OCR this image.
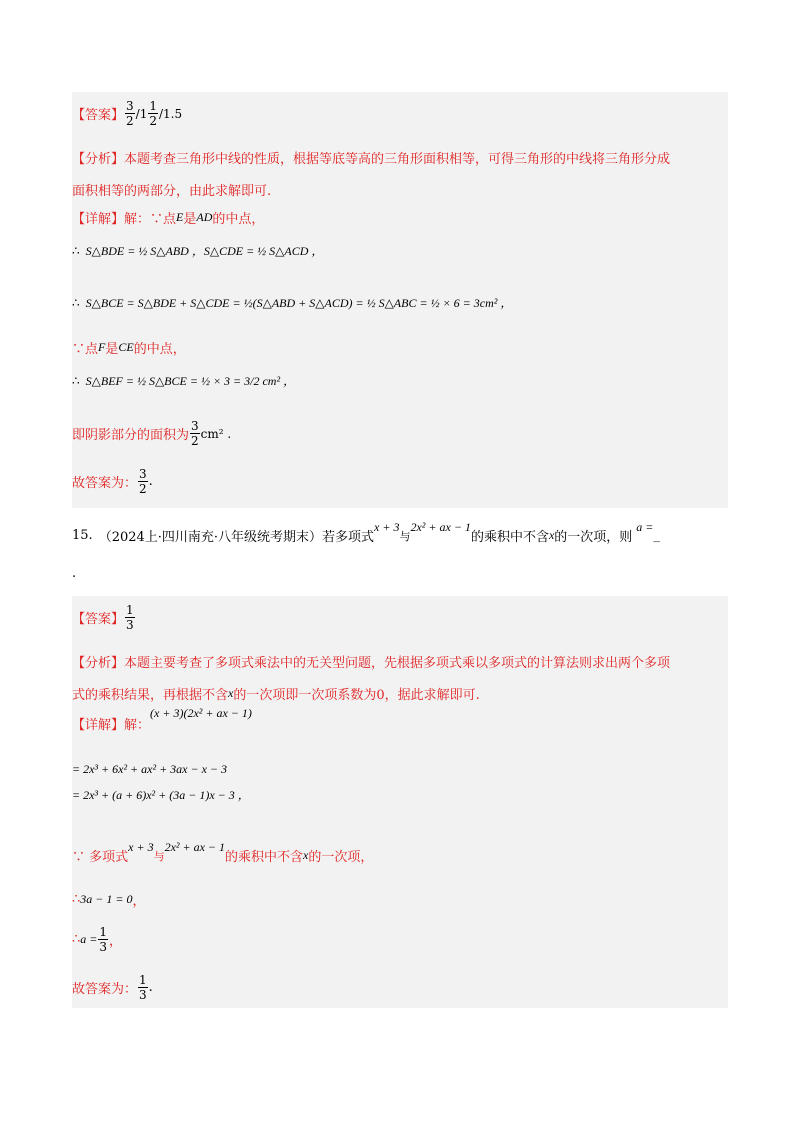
【答案】 $\frac{3}{2} /1 \frac{1}{2} /1.5$
【分析】 本题考查三角形中线的性质，根据等底等高的三角形面积相等，可得三角形的中线将三角形分成
面积相等的两部分，由此求解即可.
【详解】 解：∵点 E 是 AD 的中点，
∴ S△BDE = ½ S△ABD ，S△CDE = ½ S△ACD ，
∴ S△BCE = S△BDE + S△CDE = ½(S△ABD + S△ACD) = ½ S△ABC = ½ × 6 = 3cm² ，
∵点 F 是 CE 的中点，
∴ S△BEF = ½ S△BCE = ½ × 3 = 3/2 cm² ，
即阴影部分的面积为 $\frac{3}{2} cm^2$ .
故答案为： $\frac{3}{2}$ .
15. （2024上·四川南充·八年级统考期末）若多项式
x + 3
与
2x² + ax − 1
的乘积中不含 x 的一次项，则
a =
_
.
【答案】 $\frac{1}{3}$
【分析】 本题主要考查了多项式乘法中的无关型问题，先根据多项式乘以多项式的计算法则求出两个多项
式的乘积结果，再根据不含 x 的一次项即一次项系数为0，据此求解即可.
【详解】 解：
(x + 3)(2x² + ax − 1)
= 2x³ + 6x² + ax² + 3ax − x − 3
= 2x³ + (a + 6)x² + (3a − 1)x − 3 ，
∵ 多项式
x + 3
与
2x² + ax − 1
的乘积中不含 x 的一次项，
∴ 3a − 1 = 0 ，
∴ $a = \frac{1}{3}$ ，
故答案为： $\frac{1}{3}$ .
